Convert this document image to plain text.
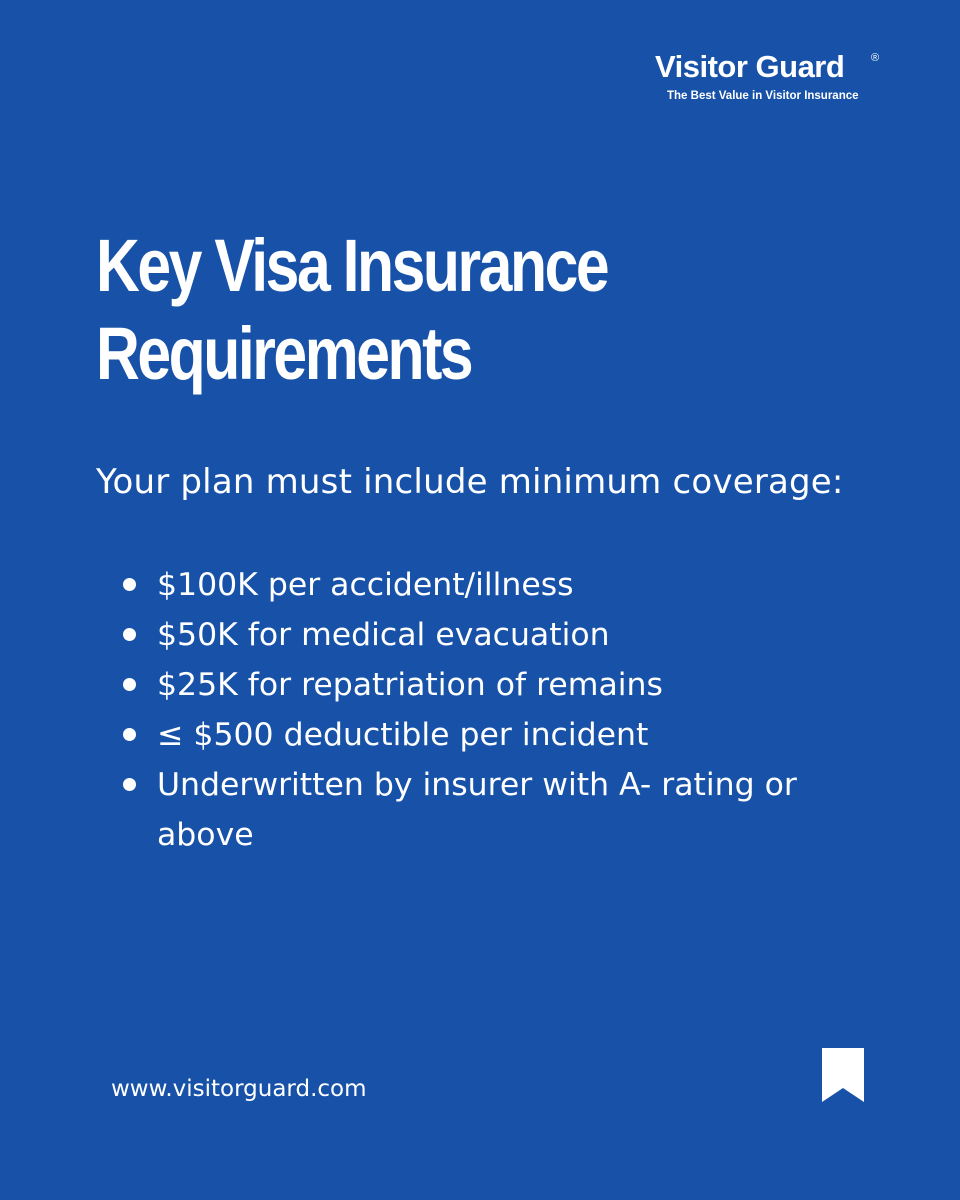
Visitor Guard	®
The Best Value in Visitor Insurance
Key Visa Insurance
Requirements

Your plan must include minimum coverage:

$100K per accident/illness
$50K for medical evacuation
$25K for repatriation of remains
≤ $500 deductible per incident
Underwritten by insurer with A- rating or above
www.visitorguard.com
